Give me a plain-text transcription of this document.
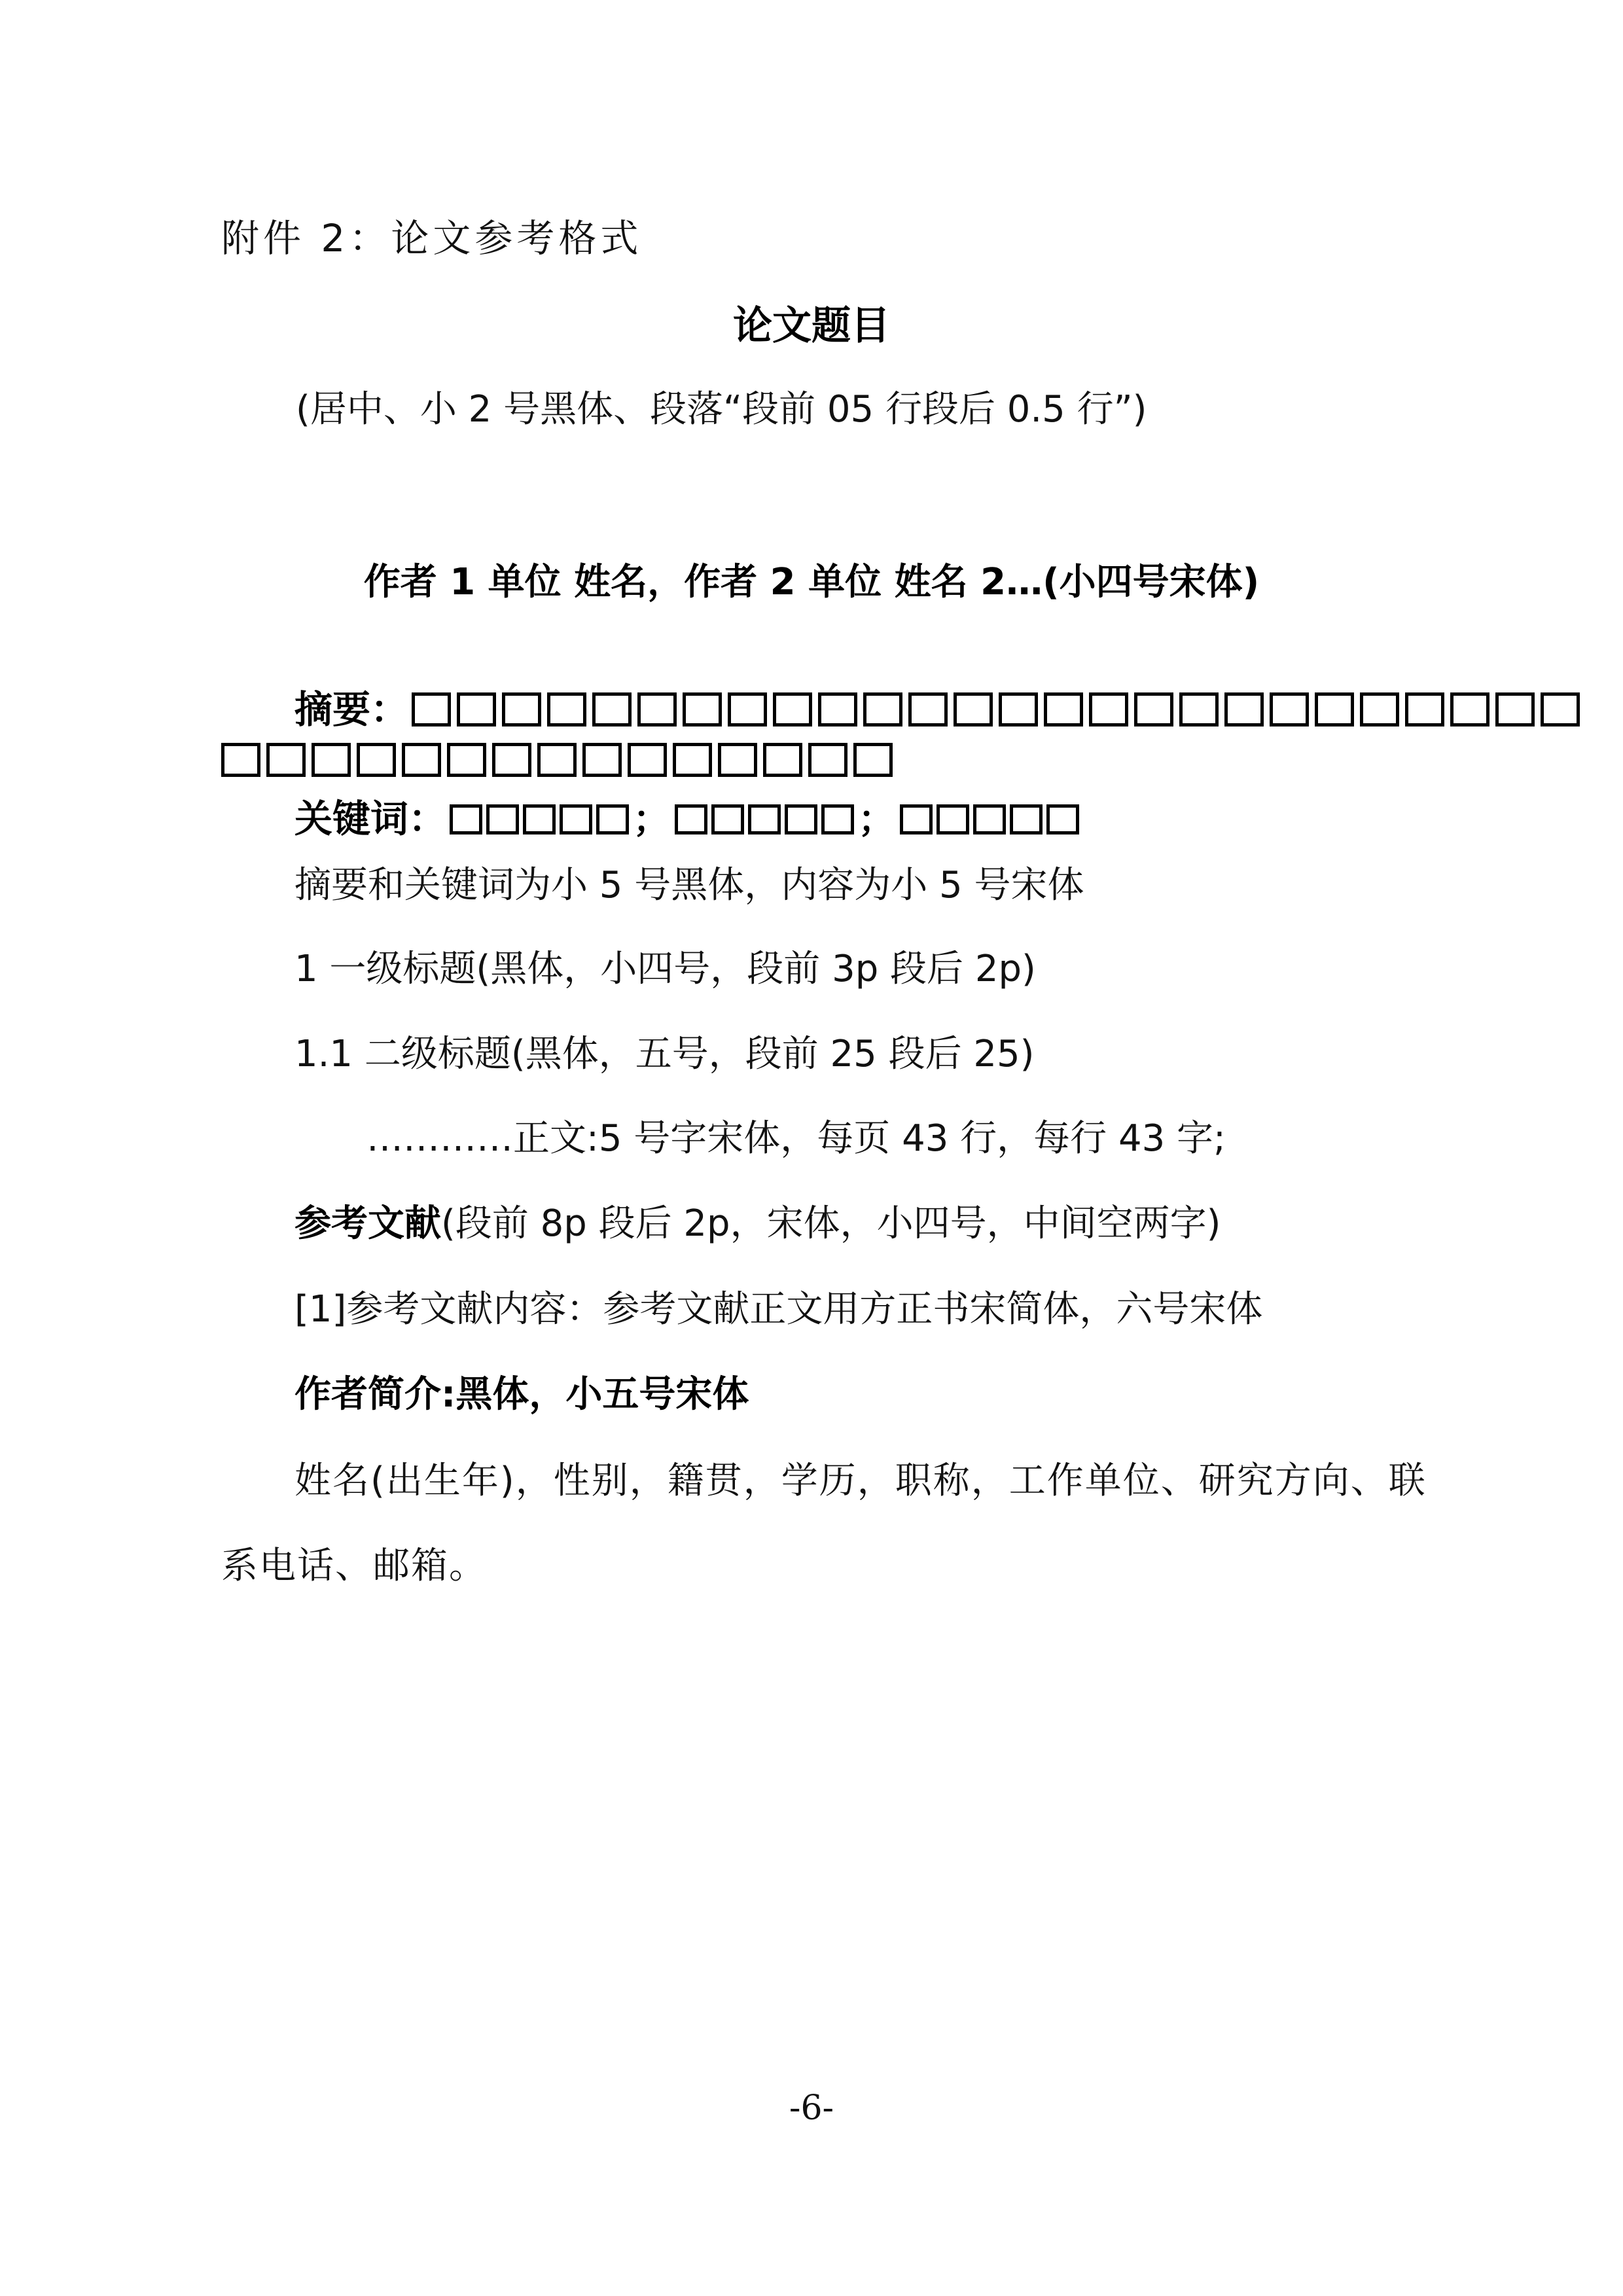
附件 2：论文参考格式
论文题目
(居中、小 2 号黑体、段落“段前 05 行段后 0.5 行”)
作者 1 单位 姓名，作者 2 单位 姓名 2…(小四号宋体)
摘要：
关键词：	；	；
摘要和关键词为小 5 号黑体，内容为小 5 号宋体
1 一级标题(黑体，小四号，段前 3p 段后 2p)
1.1 二级标题(黑体，五号，段前 25 段后 25)
…………正文:5 号字宋体，每页 43 行，每行 43 字;
参考文献(段前 8p 段后 2p，宋体，小四号，中间空两字)
[1]参考文献内容：参考文献正文用方正书宋简体，六号宋体
作者简介:黑体，小五号宋体
姓名(出生年)，性别，籍贯，学历，职称，工作单位、研究方向、联
系电话、邮箱。
-6-
